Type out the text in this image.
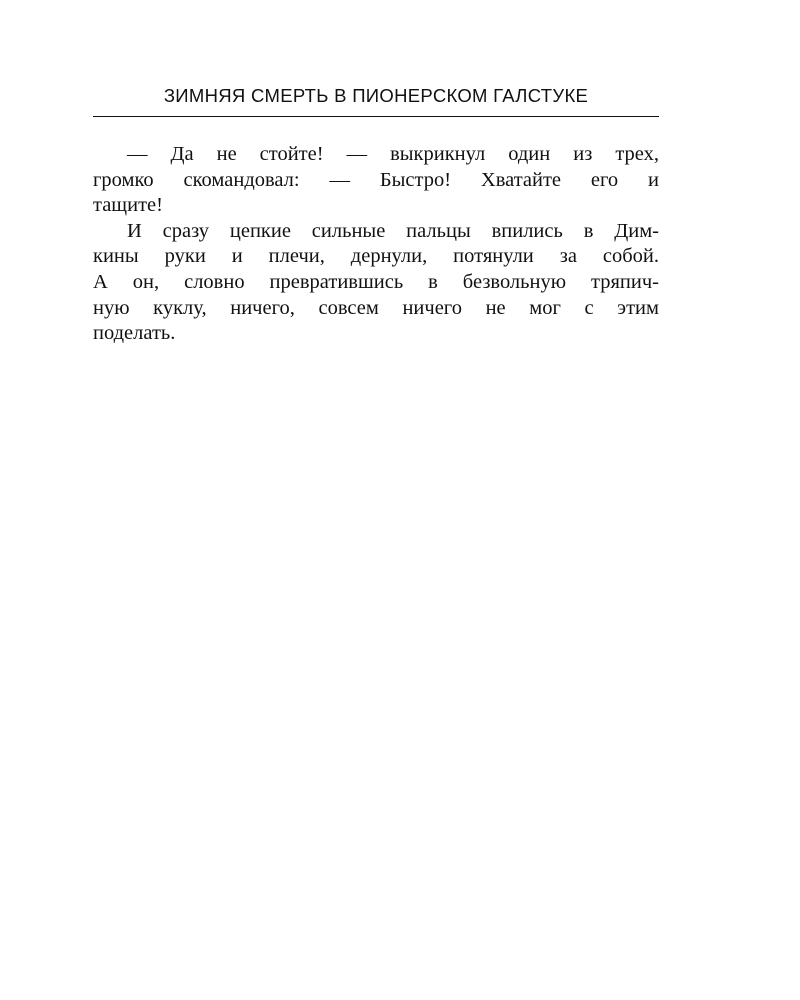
ЗИМНЯЯ СМЕРТЬ В ПИОНЕРСКОМ ГАЛСТУКЕ
— Да не стойте! — выкрикнул один из трех,
громко скомандовал: — Быстро! Хватайте его и
тащите!
И сразу цепкие сильные пальцы впились в Дим-
кины руки и плечи, дернули, потянули за собой.
А он, словно превратившись в безвольную тряпич-
ную куклу, ничего, совсем ничего не мог с этим
поделать.
